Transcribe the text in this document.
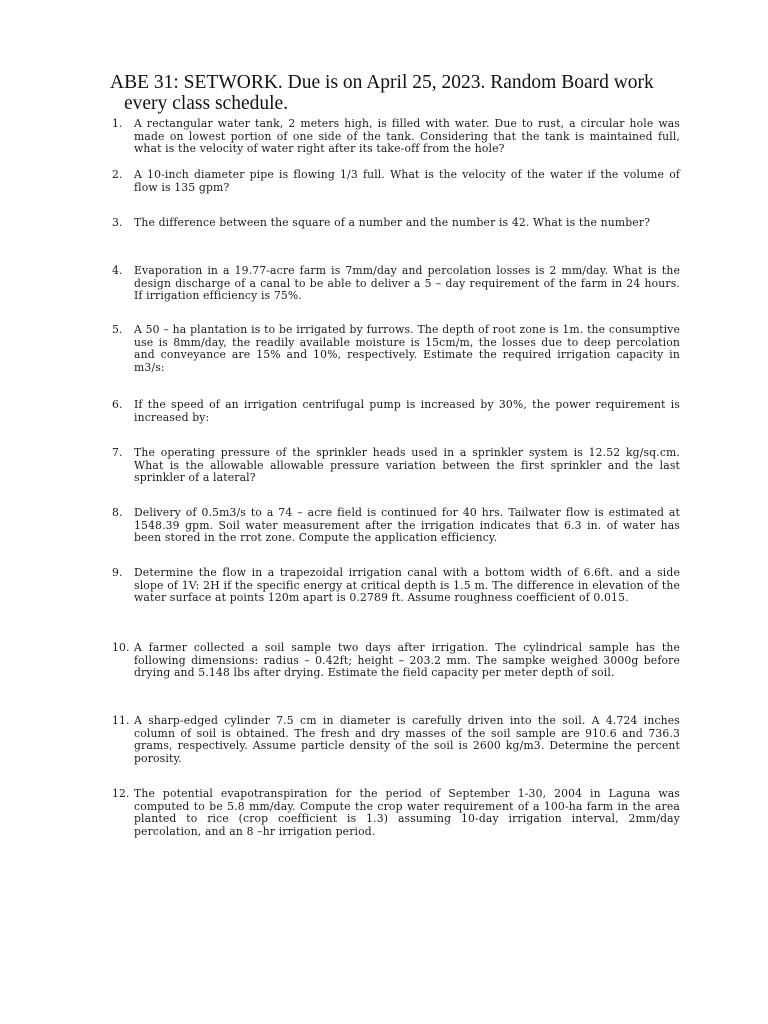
ABE 31: SETWORK. Due is on April 25, 2023. Random Board work
every class schedule.
1.	A rectangular water tank, 2 meters high, is filled with water. Due to rust, a circular hole was made on lowest portion of one side of the tank. Considering that the tank is maintained full, what is the velocity of water right after its take-off from the hole?
2.	A 10-inch diameter pipe is flowing 1/3 full. What is the velocity of the water if the volume of flow is 135 gpm?
3.	The difference between the square of a number and the number is 42. What is the number?
4.	Evaporation in a 19.77-acre farm is 7mm/day and percolation losses is 2 mm/day. What is the design discharge of a canal to be able to deliver a 5 – day requirement of the farm in 24 hours. If irrigation efficiency is 75%.
5.	A 50 – ha plantation is to be irrigated by furrows. The depth of root zone is 1m. the consumptive use is 8mm/day, the readily available moisture is 15cm/m, the losses due to deep percolation and conveyance are 15% and 10%, respectively. Estimate the required irrigation capacity in m3/s:
6.	If the speed of an irrigation centrifugal pump is increased by 30%, the power requirement is increased by:
7.	The operating pressure of the sprinkler heads used in a sprinkler system is 12.52 kg/sq.cm. What is the allowable allowable pressure variation between the first sprinkler and the last sprinkler of a lateral?
8.	Delivery of 0.5m3/s to a 74 – acre field is continued for 40 hrs. Tailwater flow is estimated at 1548.39 gpm. Soil water measurement after the irrigation indicates that 6.3 in. of water has been stored in the rrot zone. Compute the application efficiency.
9.	Determine the flow in a trapezoidal irrigation canal with a bottom width of 6.6ft. and a side slope of 1V: 2H if the specific energy at critical depth is 1.5 m. The difference in elevation of the water surface at points 120m apart is 0.2789 ft. Assume roughness coefficient of 0.015.
10. A farmer collected a soil sample two days after irrigation. The cylindrical sample has the following dimensions: radius – 0.42ft; height – 203.2 mm. The sampke weighed 3000g before drying and 5.148 lbs after drying. Estimate the field capacity per meter depth of soil.
11. A sharp-edged cylinder 7.5 cm in diameter is carefully driven into the soil. A 4.724 inches column of soil is obtained. The fresh and dry masses of the soil sample are 910.6 and 736.3 grams, respectively. Assume particle density of the soil is 2600 kg/m3. Determine the percent porosity.
12. The potential evapotranspiration for the period of September 1-30, 2004 in Laguna was computed to be 5.8 mm/day. Compute the crop water requirement of a 100-ha farm in the area planted to rice (crop coefficient is 1.3) assuming 10-day irrigation interval, 2mm/day percolation, and an 8 –hr irrigation period.
